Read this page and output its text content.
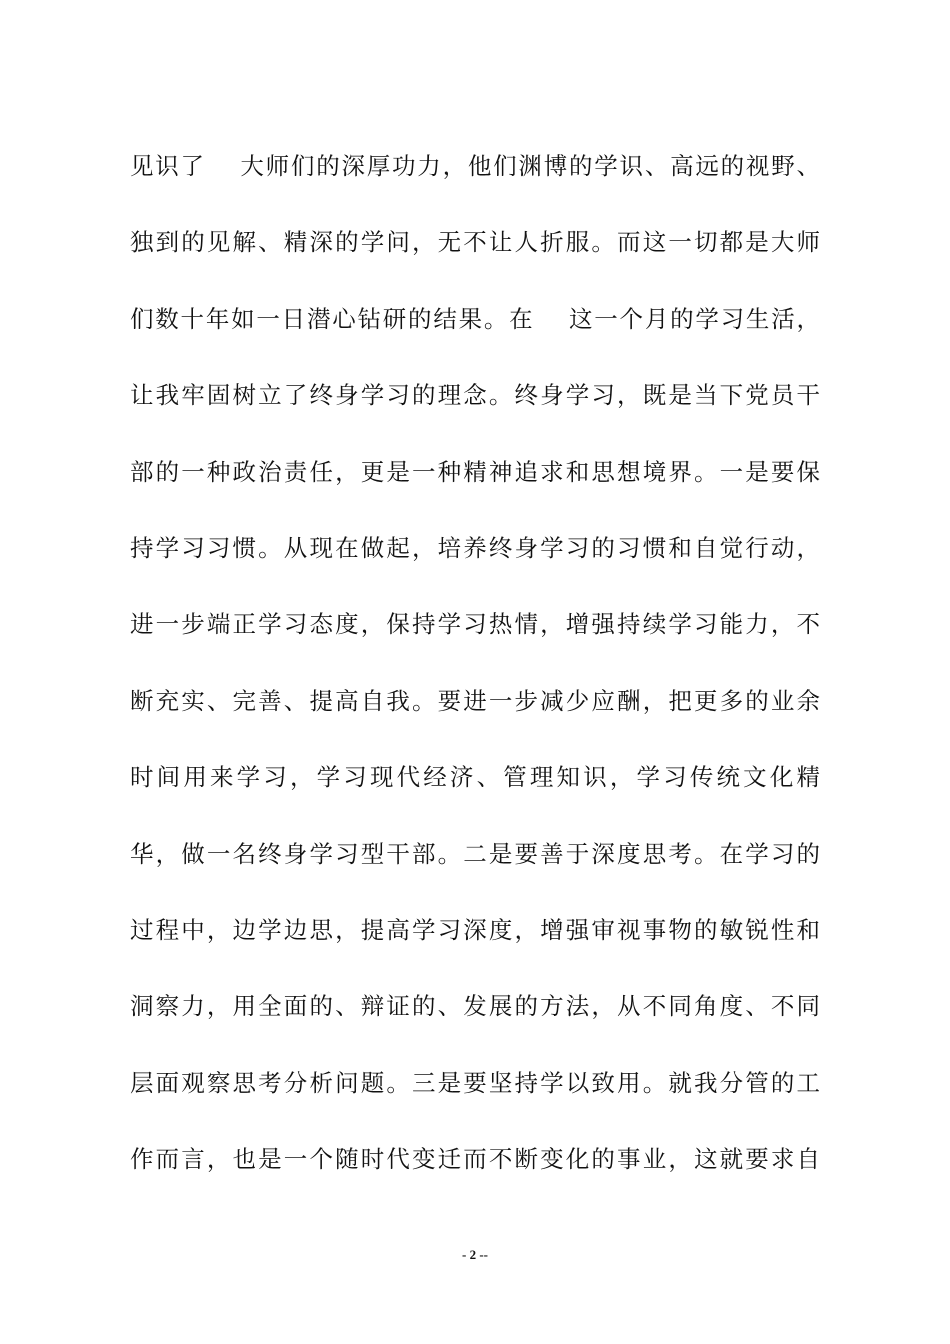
见识了　 大师们的深厚功力，他们渊博的学识、高远的视野、
独到的见解、精深的学问，无不让人折服。而这一切都是大师
们数十年如一日潜心钻研的结果。在　 这一个月的学习生活，
让我牢固树立了终身学习的理念。终身学习，既是当下党员干
部的一种政治责任，更是一种精神追求和思想境界。一是要保
持学习习惯。从现在做起，培养终身学习的习惯和自觉行动，
进一步端正学习态度，保持学习热情，增强持续学习能力，不
断充实、完善、提高自我。要进一步减少应酬，把更多的业余
时间用来学习，学习现代经济、管理知识，学习传统文化精
华，做一名终身学习型干部。二是要善于深度思考。在学习的
过程中，边学边思，提高学习深度，增强审视事物的敏锐性和
洞察力，用全面的、辩证的、发展的方法，从不同角度、不同
层面观察思考分析问题。三是要坚持学以致用。就我分管的工
作而言，也是一个随时代变迁而不断变化的事业，这就要求自
- 2 --
